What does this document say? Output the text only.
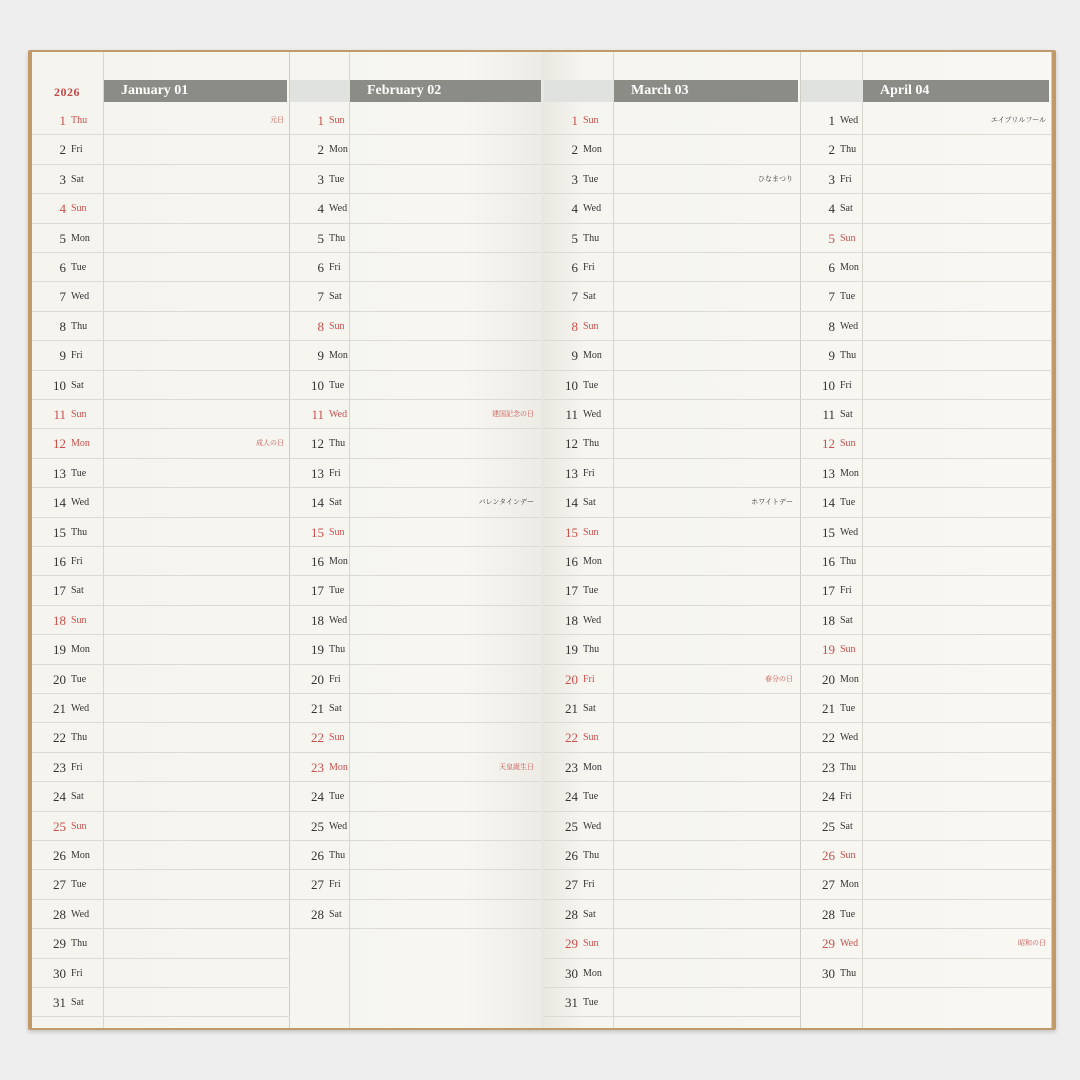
2026	January 01
1 Thu	元日
2 Fri
3 Sat
4 Sun
5 Mon
6 Tue
7 Wed
8 Thu
9 Fri
10 Sat
11 Sun
12 Mon	成人の日
13 Tue
14 Wed
15 Thu
16 Fri
17 Sat
18 Sun
19 Mon
20 Tue
21 Wed
22 Thu
23 Fri
24 Sat
25 Sun
26 Mon
27 Tue
28 Wed
29 Thu
30 Fri
31 Sat
February 02
1 Sun
2 Mon
3 Tue
4 Wed
5 Thu
6 Fri
7 Sat
8 Sun
9 Mon
10 Tue
11 Wed	建国記念の日
12 Thu
13 Fri
14 Sat	バレンタインデー
15 Sun
16 Mon
17 Tue
18 Wed
19 Thu
20 Fri
21 Sat
22 Sun
23 Mon	天皇誕生日
24 Tue
25 Wed
26 Thu
27 Fri
28 Sat
March 03
1 Sun
2 Mon
3 Tue	ひなまつり
4 Wed
5 Thu
6 Fri
7 Sat
8 Sun
9 Mon
10 Tue
11 Wed
12 Thu
13 Fri
14 Sat	ホワイトデー
15 Sun
16 Mon
17 Tue
18 Wed
19 Thu
20 Fri	春分の日
21 Sat
22 Sun
23 Mon
24 Tue
25 Wed
26 Thu
27 Fri
28 Sat
29 Sun
30 Mon
31 Tue
April 04
1 Wed	エイプリルフール
2 Thu
3 Fri
4 Sat
5 Sun
6 Mon
7 Tue
8 Wed
9 Thu
10 Fri
11 Sat
12 Sun
13 Mon
14 Tue
15 Wed
16 Thu
17 Fri
18 Sat
19 Sun
20 Mon
21 Tue
22 Wed
23 Thu
24 Fri
25 Sat
26 Sun
27 Mon
28 Tue
29 Wed	昭和の日
30 Thu
